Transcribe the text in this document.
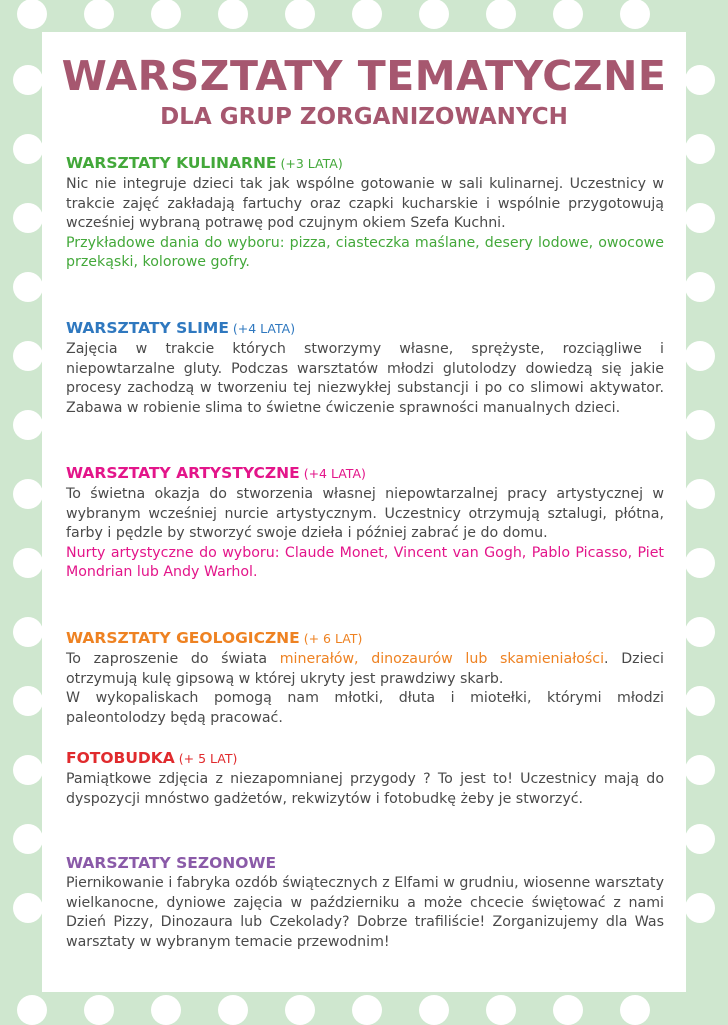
WARSZTATY TEMATYCZNE
DLA GRUP ZORGANIZOWANYCH

WARSZTATY KULINARNE (+3 LATA)

Nic nie integruje dzieci tak jak wspólne gotowanie w sali kulinarnej. Uczestnicy w trakcie zajęć zakładają fartuchy oraz czapki kucharskie i wspólnie przygotowują wcześniej wybraną potrawę pod czujnym okiem Szefa Kuchni.

Przykładowe dania do wyboru: pizza, ciasteczka maślane, desery lodowe, owocowe przekąski, kolorowe gofry.

WARSZTATY SLIME (+4 LATA)

Zajęcia w trakcie których stworzymy własne, sprężyste, rozciągliwe i niepowtarzalne gluty. Podczas warsztatów młodzi glutolodzy dowiedzą się jakie procesy zachodzą w tworzeniu tej niezwykłej substancji i po co slimowi aktywator. Zabawa w robienie slima to świetne ćwiczenie sprawności manualnych dzieci.

WARSZTATY ARTYSTYCZNE (+4 LATA)

To świetna okazja do stworzenia własnej niepowtarzalnej pracy artystycznej w wybranym wcześniej nurcie artystycznym. Uczestnicy otrzymują sztalugi, płótna, farby i pędzle by stworzyć swoje dzieła i później zabrać je do domu.

Nurty artystyczne do wyboru: Claude Monet, Vincent van Gogh, Pablo Picasso, Piet Mondrian lub Andy Warhol.

WARSZTATY GEOLOGICZNE (+ 6 LAT)

To zaproszenie do świata minerałów, dinozaurów lub skamieniałości. Dzieci otrzymują kulę gipsową w której ukryty jest prawdziwy skarb.

W wykopaliskach pomogą nam młotki, dłuta i miotełki, którymi młodzi paleontolodzy będą pracować.

FOTOBUDKA (+ 5 LAT)

Pamiątkowe zdjęcia z niezapomnianej przygody ? To jest to! Uczestnicy mają do dyspozycji mnóstwo gadżetów, rekwizytów i fotobudkę żeby je stworzyć.

WARSZTATY SEZONOWE

Piernikowanie i fabryka ozdób świątecznych z Elfami w grudniu, wiosenne warsztaty wielkanocne, dyniowe zajęcia w październiku a może chcecie świętować z nami Dzień Pizzy, Dinozaura lub Czekolady? Dobrze trafiliście! Zorganizujemy dla Was warsztaty w wybranym temacie przewodnim!
